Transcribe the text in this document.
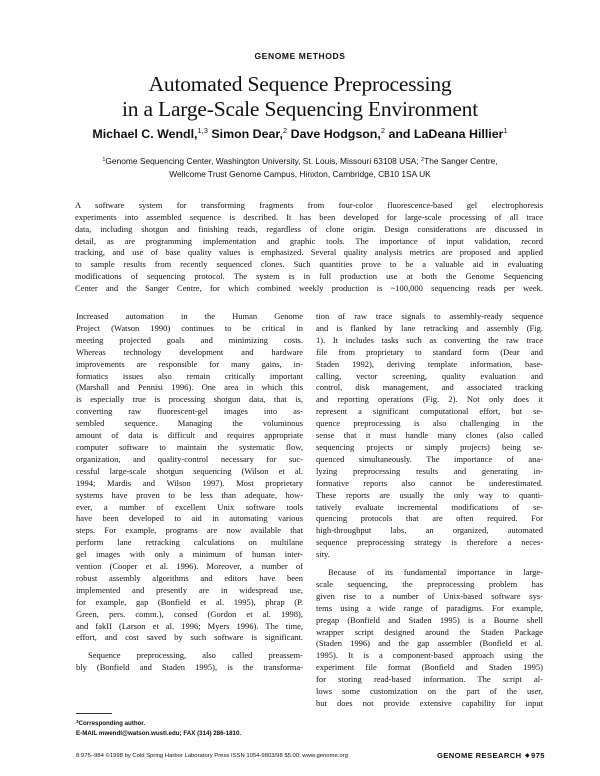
GENOME METHODS
Automated Sequence Preprocessing
in a Large-Scale Sequencing Environment
Michael C. Wendl,$^{1,3}$ Simon Dear,$^2$ Dave Hodgson,$^2$ and LaDeana Hillier$^1$
$^1$Genome Sequencing Center, Washington University, St. Louis, Missouri 63108 USA; $^2$The Sanger Centre,
Wellcome Trust Genome Campus, Hinxton, Cambridge, CB10 1SA UK
A software system for transforming fragments from four-color fluorescence-based gel electrophoresis
experiments into assembled sequence is described. It has been developed for large-scale processing of all trace
data, including shotgun and finishing reads, regardless of clone origin. Design considerations are discussed in
detail, as are programming implementation and graphic tools. The importance of input validation, record
tracking, and use of base quality values is emphasized. Several quality analysis metrics are proposed and applied
to sample results from recently sequenced clones. Such quantities prove to be a valuable aid in evaluating
modifications of sequencing protocol. The system is in full production use at both the Genome Sequencing
Center and the Sanger Centre, for which combined weekly production is ~100,000 sequencing reads per week.
Increased automation in the Human Genome
Project (Watson 1990) continues to be critical in
meeting projected goals and minimizing costs.
Whereas technology development and hardware
improvements are responsible for many gains, in-
formatics issues also remain critically important
(Marshall and Pennisi 1996). One area in which this
is especially true is processing shotgun data, that is,
converting raw fluorescent-gel images into as-
sembled sequence. Managing the voluminous
amount of data is difficult and requires appropriate
computer software to maintain the systematic flow,
organization, and quality-control necessary for suc-
cessful large-scale shotgun sequencing (Wilson et al.
1994; Mardis and Wilson 1997). Most proprietary
systems have proven to be less than adequate, how-
ever, a number of excellent Unix software tools
have been developed to aid in automating various
steps. For example, programs are now available that
perform lane retracking calculations on multilane
gel images with only a minimum of human inter-
vention (Cooper et al. 1996). Moreover, a number of
robust assembly algorithms and editors have been
implemented and presently are in widespread use,
for example, gap (Bonfield et al. 1995), phrap (P.
Green, pers. comm.), consed (Gordon et al. 1998),
and fakII (Larson et al. 1996; Myers 1996). The time,
effort, and cost saved by such software is significant.
Sequence preprocessing, also called preassem-
bly (Bonfield and Staden 1995), is the transforma-
tion of raw trace signals to assembly-ready sequence
and is flanked by lane retracking and assembly (Fig.
1). It includes tasks such as converting the raw trace
file from proprietary to standard form (Dear and
Staden 1992), deriving template information, base-
calling, vector screening, quality evaluation and
control, disk management, and associated tracking
and reporting operations (Fig. 2). Not only does it
represent a significant computational effort, but se-
quence preprocessing is also challenging in the
sense that it must handle many clones (also called
sequencing projects or simply projects) being se-
quenced simultaneously. The importance of ana-
lyzing preprocessing results and generating in-
formative reports also cannot be underestimated.
These reports are usually the only way to quanti-
tatively evaluate incremental modifications of se-
quencing protocols that are often required. For
high-throughput labs, an organized, automated
sequence preprocessing strategy is therefore a neces-
sity.
Because of its fundamental importance in large-
scale sequencing, the preprocessing problem has
given rise to a number of Unix-based software sys-
tems using a wide range of paradigms. For example,
pregap (Bonfield and Staden 1995) is a Bourne shell
wrapper script designed around the Staden Package
(Staden 1996) and the gap assembler (Bonfield et al.
1995). It is a component-based approach using the
experiment file format (Bonfield and Staden 1995)
for storing read-based information. The script al-
lows some customization on the part of the user,
but does not provide extensive capability for input
$^3$Corresponding author.
E-MAIL mwendl@watson.wustl.edu; FAX (314) 286-1810.
8:975–984 ©1998 by Cold Spring Harbor Laboratory Press ISSN 1054-9803/98 $5.00; www.genome.org	GENOME RESEARCH ◆975
